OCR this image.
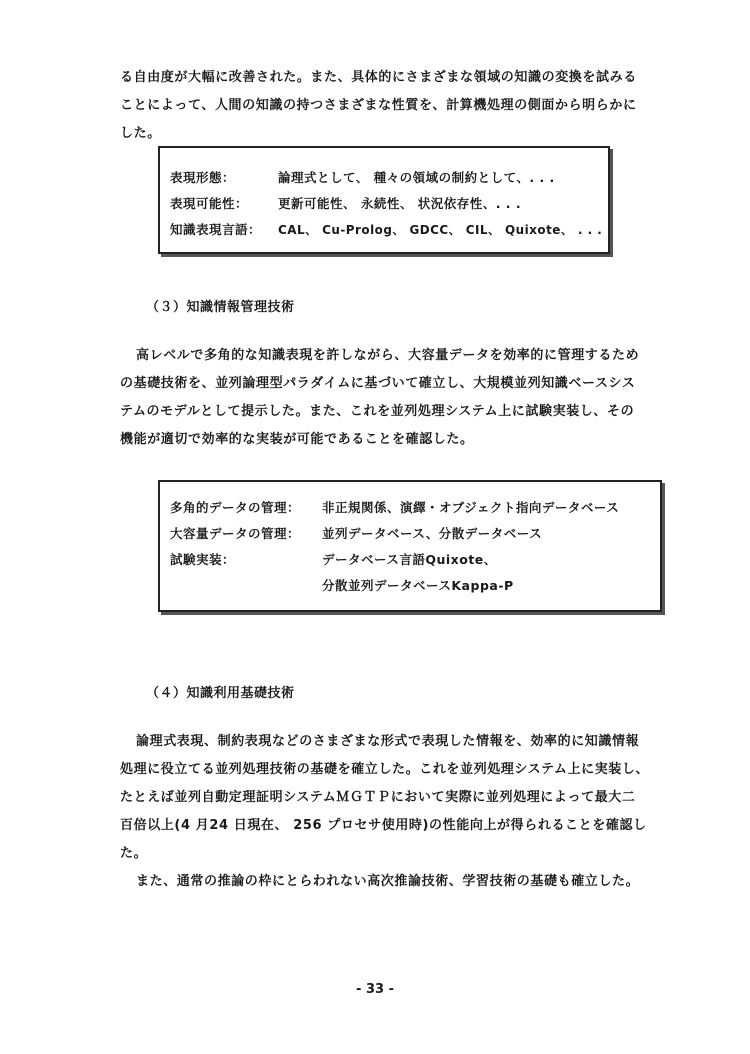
る自由度が大幅に改善された。また、具体的にさまざまな領域の知識の変換を試みる
ことによって、人間の知識の持つさまざまな性質を、計算機処理の側面から明らかに
した。
表現形態：	論理式として、 種々の領域の制約として、. . .
表現可能性： 更新可能性、 永続性、 状況依存性、. . .
知識表現言語： CAL、 Cu-Prolog、 GDCC、 CIL、 Quixote、 . . .
（３）知識情報管理技術
高レベルで多角的な知識表現を許しながら、大容量データを効率的に管理するため
の基礎技術を、並列論理型パラダイムに基づいて確立し、大規模並列知識ベースシス
テムのモデルとして提示した。また、これを並列処理システム上に試験実装し、その
機能が適切で効率的な実装が可能であることを確認した。
多角的データの管理： 非正規関係、演繹・オブジェクト指向データベース
大容量データの管理： 並列データベース、分散データベース
試験実装：	データベース言語Quixote、
分散並列データベースKappa-P
（４）知識利用基礎技術
論理式表現、制約表現などのさまざまな形式で表現した情報を、効率的に知識情報
処理に役立てる並列処理技術の基礎を確立した。これを並列処理システム上に実装し、
たとえば並列自動定理証明システムＭＧＴＰにおいて実際に並列処理によって最大二
百倍以上(4 月24 日現在、 256 プロセサ使用時)の性能向上が得られることを確認し
た。
また、通常の推論の枠にとらわれない高次推論技術、学習技術の基礎も確立した。
- 33 -
